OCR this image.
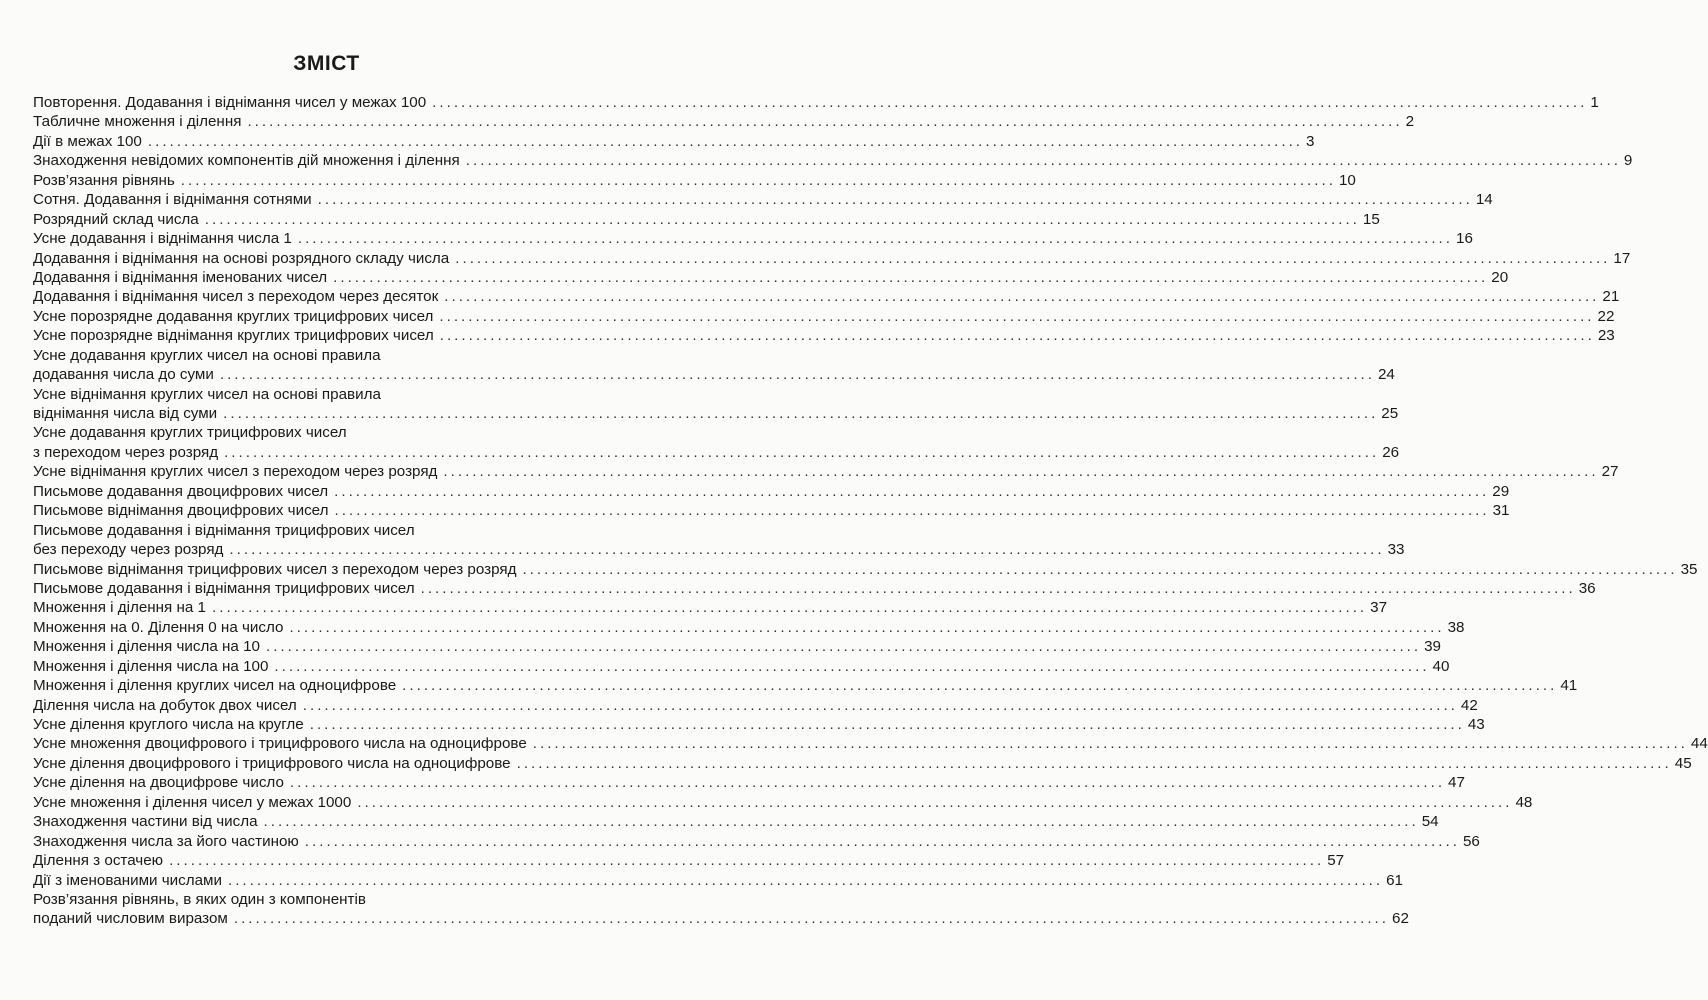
ЗМІСТ
Повторення. Додавання і віднімання чисел у межах 100 ................................................................................................................................................................ 1
Табличне множення і ділення ................................................................................................................................................................ 2
Дії в межах 100 ................................................................................................................................................................ 3
Знаходження невідомих компонентів дій множення і ділення ................................................................................................................................................................ 9
Розв’язання рівнянь ................................................................................................................................................................ 10
Сотня. Додавання і віднімання сотнями ................................................................................................................................................................ 14
Розрядний склад числа ................................................................................................................................................................ 15
Усне додавання і віднімання числа 1 ................................................................................................................................................................ 16
Додавання і віднімання на основі розрядного складу числа ................................................................................................................................................................ 17
Додавання і віднімання іменованих чисел ................................................................................................................................................................ 20
Додавання і віднімання чисел з переходом через десяток ................................................................................................................................................................ 21
Усне порозрядне додавання круглих трицифрових чисел ................................................................................................................................................................ 22
Усне порозрядне віднімання круглих трицифрових чисел ................................................................................................................................................................ 23
Усне додавання круглих чисел на основі правила
додавання числа до суми ................................................................................................................................................................ 24
Усне віднімання круглих чисел на основі правила
віднімання числа від суми ................................................................................................................................................................ 25
Усне додавання круглих трицифрових чисел
з переходом через розряд ................................................................................................................................................................ 26
Усне віднімання круглих чисел з переходом через розряд ................................................................................................................................................................ 27
Письмове додавання двоцифрових чисел ................................................................................................................................................................ 29
Письмове віднімання двоцифрових чисел ................................................................................................................................................................ 31
Письмове додавання і віднімання трицифрових чисел
без переходу через розряд ................................................................................................................................................................ 33
Письмове віднімання трицифрових чисел з переходом через розряд ................................................................................................................................................................ 35
Письмове додавання і віднімання трицифрових чисел ................................................................................................................................................................ 36
Множення і ділення на 1 ................................................................................................................................................................ 37
Множення на 0. Ділення 0 на число ................................................................................................................................................................ 38
Множення і ділення числа на 10 ................................................................................................................................................................ 39
Множення і ділення числа на 100 ................................................................................................................................................................ 40
Множення і ділення круглих чисел на одноцифрове ................................................................................................................................................................ 41
Ділення числа на добуток двох чисел ................................................................................................................................................................ 42
Усне ділення круглого числа на кругле ................................................................................................................................................................ 43
Усне множення двоцифрового і трицифрового числа на одноцифрове ................................................................................................................................................................ 44
Усне ділення двоцифрового і трицифрового числа на одноцифрове ................................................................................................................................................................ 45
Усне ділення на двоцифрове число ................................................................................................................................................................ 47
Усне множення і ділення чисел у межах 1000 ................................................................................................................................................................ 48
Знаходження частини від числа ................................................................................................................................................................ 54
Знаходження числа за його частиною ................................................................................................................................................................ 56
Ділення з остачею ................................................................................................................................................................ 57
Дії з іменованими числами ................................................................................................................................................................ 61
Розв’язання рівнянь, в яких один з компонентів
поданий числовим виразом ................................................................................................................................................................ 62
